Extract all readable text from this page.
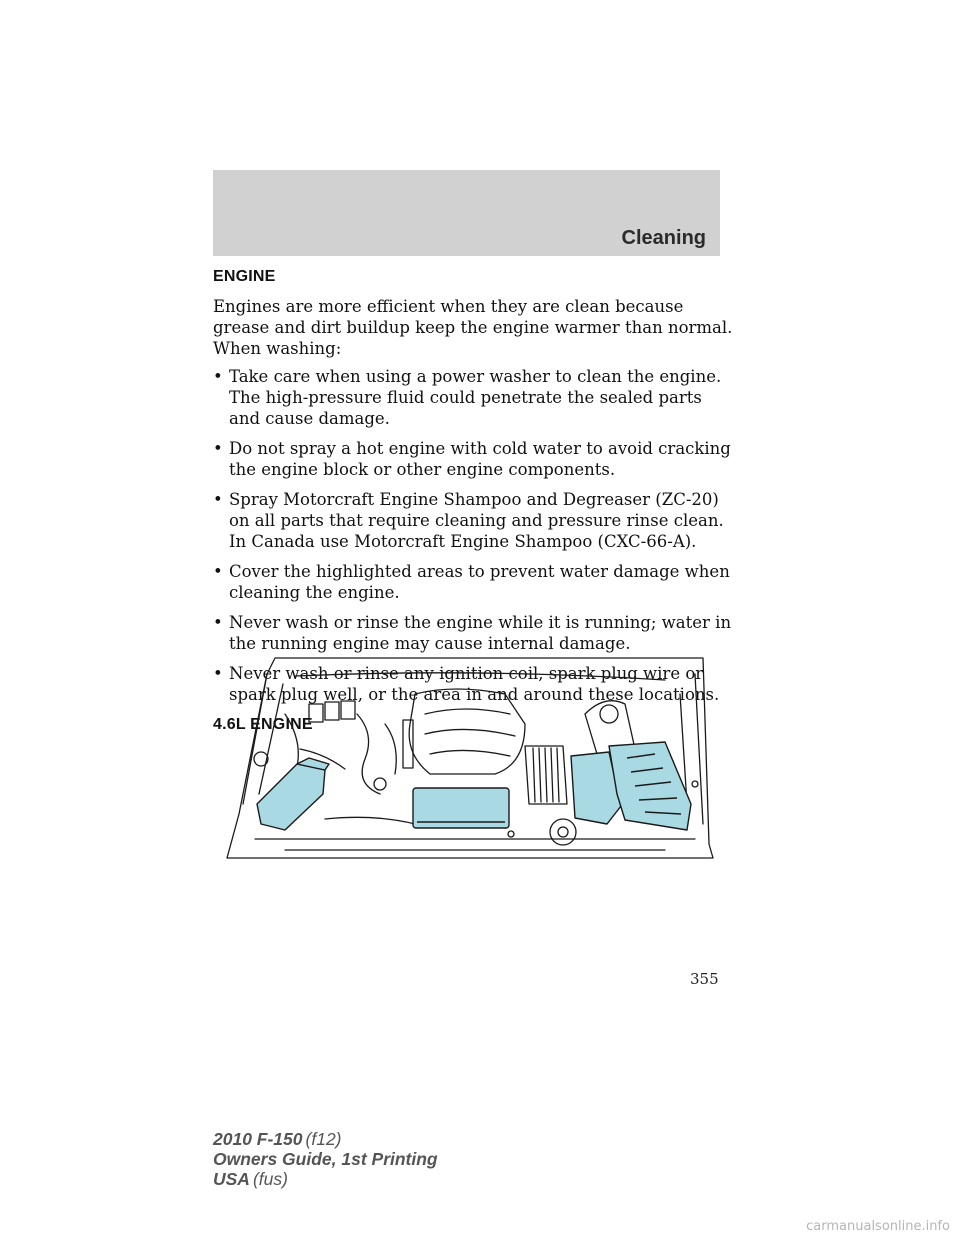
Cleaning
ENGINE

Engines are more efficient when they are clean because grease and dirt buildup keep the engine warmer than normal. When washing:

• Take care when using a power washer to clean the engine. The high-pressure fluid could penetrate the sealed parts and cause damage.
• Do not spray a hot engine with cold water to avoid cracking the engine block or other engine components.
• Spray Motorcraft Engine Shampoo and Degreaser (ZC-20) on all parts that require cleaning and pressure rinse clean. In Canada use Motorcraft Engine Shampoo (CXC-66-A).
• Cover the highlighted areas to prevent water damage when cleaning the engine.
• Never wash or rinse the engine while it is running; water in the running engine may cause internal damage.
• Never wash or rinse any ignition coil, spark plug wire or spark plug well, or the area in and around these locations.
4.6L ENGINE
355
2010 F-150 (f12)
Owners Guide, 1st Printing
USA (fus)
carmanualsonline.info
